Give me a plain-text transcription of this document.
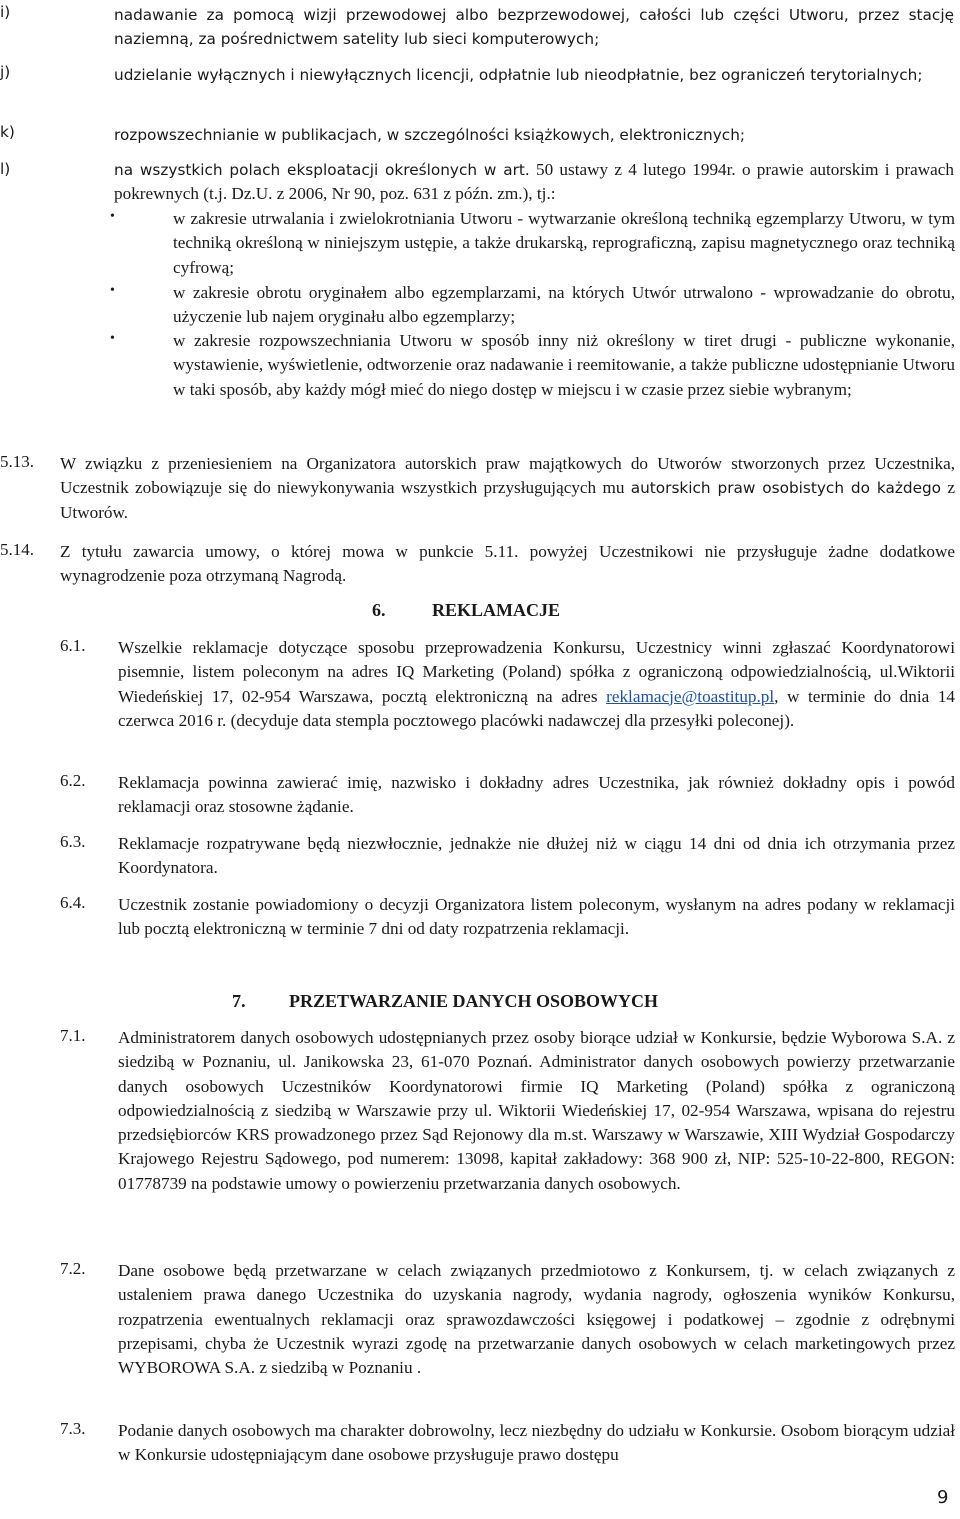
i)	nadawanie za pomocą wizji przewodowej albo bezprzewodowej, całości lub części Utworu, przez stację naziemną, za pośrednictwem satelity lub sieci komputerowych;
j)	udzielanie wyłącznych i niewyłącznych licencji, odpłatnie lub nieodpłatnie, bez ograniczeń terytorialnych;
k)	rozpowszechnianie w publikacjach, w szczególności książkowych, elektronicznych;
l)	na wszystkich polach eksploatacji określonych w art. 50 ustawy z 4 lutego 1994r. o prawie autorskim i prawach pokrewnych (t.j. Dz.U. z 2006, Nr 90, poz. 631 z późn. zm.), tj.:
•	w zakresie utrwalania i zwielokrotniania Utworu - wytwarzanie określoną techniką egzemplarzy Utworu, w tym techniką określoną w niniejszym ustępie, a także drukarską, reprograficzną, zapisu magnetycznego oraz techniką cyfrową;
•	w zakresie obrotu oryginałem albo egzemplarzami, na których Utwór utrwalono - wprowadzanie do obrotu, użyczenie lub najem oryginału albo egzemplarzy;
•	w zakresie rozpowszechniania Utworu w sposób inny niż określony w tiret drugi - publiczne wykonanie, wystawienie, wyświetlenie, odtworzenie oraz nadawanie i reemitowanie, a także publiczne udostępnianie Utworu w taki sposób, aby każdy mógł mieć do niego dostęp w miejscu i w czasie przez siebie wybranym;
5.13. W związku z przeniesieniem na Organizatora autorskich praw majątkowych do Utworów stworzonych przez Uczestnika, Uczestnik zobowiązuje się do niewykonywania wszystkich przysługujących mu autorskich praw osobistych do każdego z Utworów.
5.14. Z tytułu zawarcia umowy, o której mowa w punkcie 5.11. powyżej Uczestnikowi nie przysługuje żadne dodatkowe wynagrodzenie poza otrzymaną Nagrodą.
6.	REKLAMACJE
6.1. Wszelkie reklamacje dotyczące sposobu przeprowadzenia Konkursu, Uczestnicy winni zgłaszać Koordynatorowi pisemnie, listem poleconym na adres IQ Marketing (Poland) spółka z ograniczoną odpowiedzialnością, ul.Wiktorii Wiedeńskiej 17, 02-954 Warszawa, pocztą elektroniczną na adres reklamacje@toastitup.pl, w terminie do dnia 14 czerwca 2016 r. (decyduje data stempla pocztowego placówki nadawczej dla przesyłki poleconej).
6.2. Reklamacja powinna zawierać imię, nazwisko i dokładny adres Uczestnika, jak również dokładny opis i powód reklamacji oraz stosowne żądanie.
6.3. Reklamacje rozpatrywane będą niezwłocznie, jednakże nie dłużej niż w ciągu 14 dni od dnia ich otrzymania przez Koordynatora.
6.4. Uczestnik zostanie powiadomiony o decyzji Organizatora listem poleconym, wysłanym na adres podany w reklamacji lub pocztą elektroniczną w terminie 7 dni od daty rozpatrzenia reklamacji.
7. PRZETWARZANIE DANYCH OSOBOWYCH
7.1. Administratorem danych osobowych udostępnianych przez osoby biorące udział w Konkursie, będzie Wyborowa S.A. z siedzibą w Poznaniu, ul. Janikowska 23, 61-070 Poznań. Administrator danych osobowych powierzy przetwarzanie danych osobowych Uczestników Koordynatorowi firmie IQ Marketing (Poland) spółka z ograniczoną odpowiedzialnością z siedzibą w Warszawie przy ul. Wiktorii Wiedeńskiej 17, 02-954 Warszawa, wpisana do rejestru przedsiębiorców KRS prowadzonego przez Sąd Rejonowy dla m.st. Warszawy w Warszawie, XIII Wydział Gospodarczy Krajowego Rejestru Sądowego, pod numerem: 13098, kapitał zakładowy: 368 900 zł, NIP: 525-10-22-800, REGON: 01778739 na podstawie umowy o powierzeniu przetwarzania danych osobowych.
7.2. Dane osobowe będą przetwarzane w celach związanych przedmiotowo z Konkursem, tj. w celach związanych z ustaleniem prawa danego Uczestnika do uzyskania nagrody, wydania nagrody, ogłoszenia wyników Konkursu, rozpatrzenia ewentualnych reklamacji oraz sprawozdawczości księgowej i podatkowej – zgodnie z odrębnymi przepisami, chyba że Uczestnik wyrazi zgodę na przetwarzanie danych osobowych w celach marketingowych przez WYBOROWA S.A. z siedzibą w Poznaniu .
7.3. Podanie danych osobowych ma charakter dobrowolny, lecz niezbędny do udziału w Konkursie. Osobom biorącym udział w Konkursie udostępniającym dane osobowe przysługuje prawo dostępu
9
